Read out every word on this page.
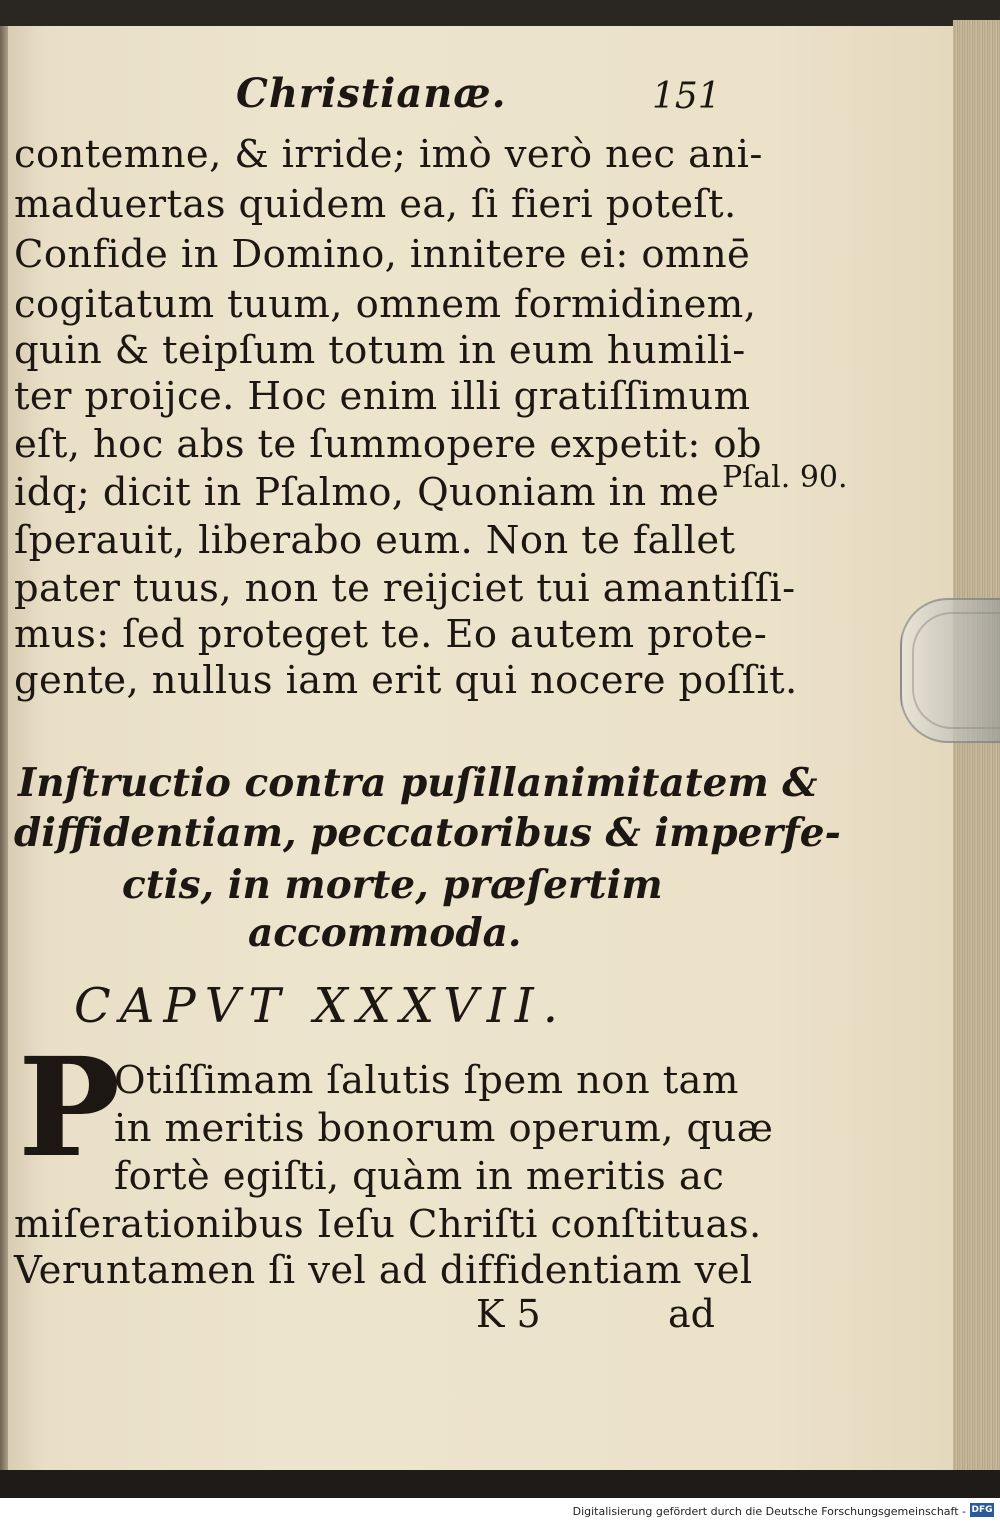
Christianæ.	151
contemne, & irride; imò verò nec ani-
maduertas quidem ea, ſi fieri poteſt.
Confide in Domino, innitere ei: omnē
cogitatum tuum, omnem formidinem,
quin & teipſum totum in eum humili-
ter proijce. Hoc enim illi gratiſſimum
eſt, hoc abs te ſummopere expetit: ob
idq; dicit in Pſalmo, Quoniam in me
ſperauit, liberabo eum. Non te fallet
pater tuus, non te reijciet tui amantiſſi-
mus: ſed proteget te. Eo autem prote-
gente, nullus iam erit qui nocere poſſit.
Pſal. 90.
Inſtructio contra puſillanimitatem &
diffidentiam, peccatoribus & imperfe-
ctis, in morte, præſertim
accommoda.
CAPVT XXXVII.
P
Otiſſimam ſalutis ſpem non tam
in meritis bonorum operum, quæ
fortè egiſti, quàm in meritis ac
miſerationibus Ieſu Chriſti conſtituas.
Veruntamen ſi vel ad diffidentiam vel
K 5	ad
Digitalisierung gefördert durch die Deutsche Forschungsgemeinschaft - DFG
